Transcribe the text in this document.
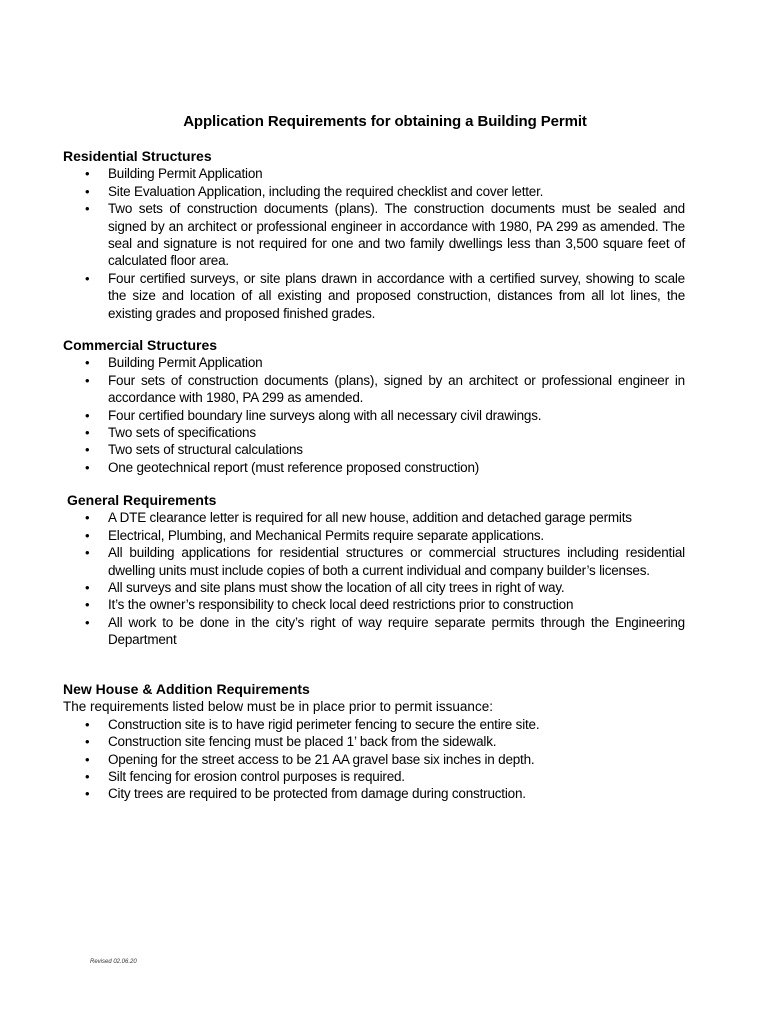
Application Requirements for obtaining a Building Permit
Residential Structures
• Building Permit Application
• Site Evaluation Application, including the required checklist and cover letter.
• Two sets of construction documents (plans). The construction documents must be sealed and signed by an architect or professional engineer in accordance with 1980, PA 299 as amended. The seal and signature is not required for one and two family dwellings less than 3,500 square feet of calculated floor area.
• Four certified surveys, or site plans drawn in accordance with a certified survey, showing to scale the size and location of all existing and proposed construction, distances from all lot lines, the existing grades and proposed finished grades.
Commercial Structures
• Building Permit Application
• Four sets of construction documents (plans), signed by an architect or professional engineer in accordance with 1980, PA 299 as amended.
• Four certified boundary line surveys along with all necessary civil drawings.
• Two sets of specifications
• Two sets of structural calculations
• One geotechnical report (must reference proposed construction)
General Requirements
• A DTE clearance letter is required for all new house, addition and detached garage permits
• Electrical, Plumbing, and Mechanical Permits require separate applications.
• All building applications for residential structures or commercial structures including residential dwelling units must include copies of both a current individual and company builder’s licenses.
• All surveys and site plans must show the location of all city trees in right of way.
• It’s the owner’s responsibility to check local deed restrictions prior to construction
• All work to be done in the city’s right of way require separate permits through the Engineering Department
New House & Addition Requirements
The requirements listed below must be in place prior to permit issuance:
• Construction site is to have rigid perimeter fencing to secure the entire site.
• Construction site fencing must be placed 1’ back from the sidewalk.
• Opening for the street access to be 21 AA gravel base six inches in depth.
• Silt fencing for erosion control purposes is required.
• City trees are required to be protected from damage during construction.
Revised 02.06.20
